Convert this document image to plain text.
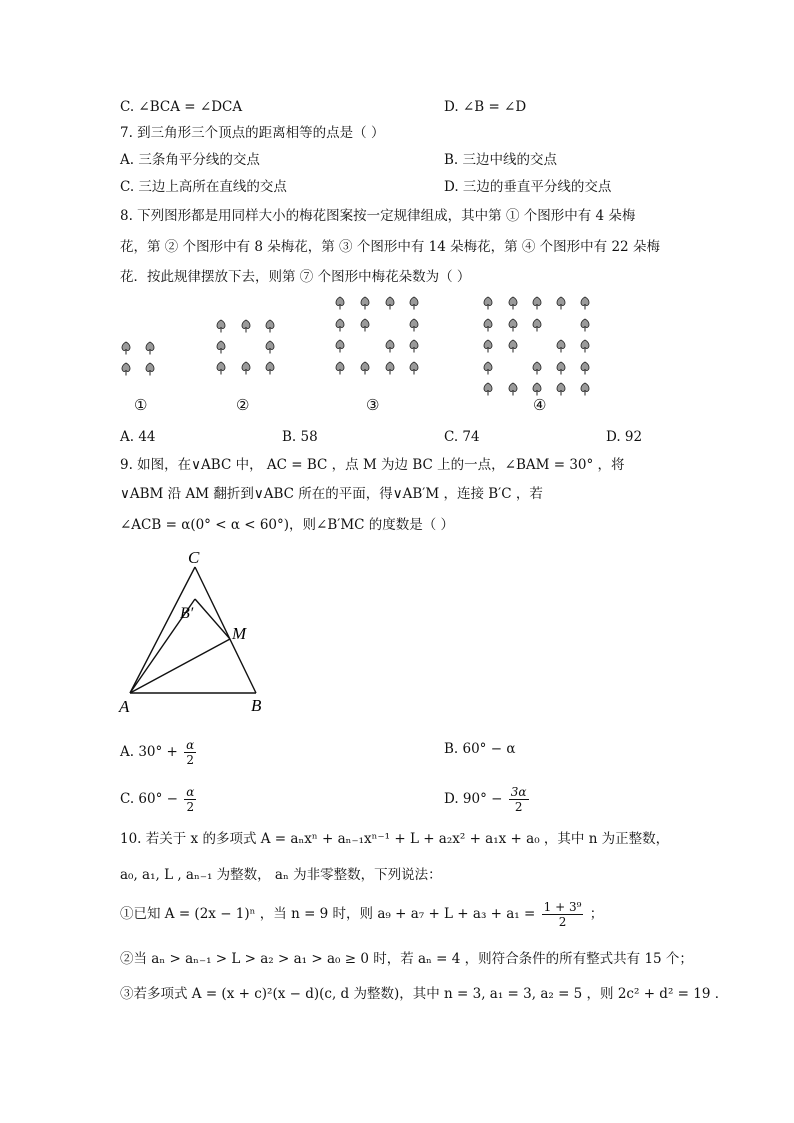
C. ∠BCA = ∠DCA	D. ∠B = ∠D
7. 到三角形三个顶点的距离相等的点是（ ）
A. 三条角平分线的交点	B. 三边中线的交点
C. 三边上高所在直线的交点	D. 三边的垂直平分线的交点
8. 下列图形都是用同样大小的梅花图案按一定规律组成，其中第 ① 个图形中有 4 朵梅
花，第 ② 个图形中有 8 朵梅花，第 ③ 个图形中有 14 朵梅花，第 ④ 个图形中有 22 朵梅
花．按此规律摆放下去，则第 ⑦ 个图形中梅花朵数为（ ）
①	②	③	④
A. 44	B. 58	C. 74	D. 92
9. 如图，在∨ABC 中， AC = BC ，点 M 为边 BC 上的一点，∠BAM = 30° ，将
∨ABM 沿 AM 翻折到∨ABC 所在的平面，得∨AB′M ，连接 B′C ，若
∠ACB = α(0° < α < 60°)，则∠B′MC 的度数是（ ）
C
B′
M
A	B
A. $30^\circ + \frac{\alpha}{2}$	B. 60° − α
C. $60^\circ - \frac{\alpha}{2}$	D. $90^\circ - \frac{3\alpha}{2}$
10. 若关于 x 的多项式 A = aₙxⁿ + aₙ₋₁xⁿ⁻¹ + L + a₂x² + a₁x + a₀ ，其中 n 为正整数，
a₀, a₁, L , aₙ₋₁ 为整数， aₙ 为非零整数，下列说法：
①已知 A = (2x − 1)ⁿ ，当 n = 9 时，则 $a_9 + a_7 + L + a_3 + a_1 = \frac{\text{1 + 3⁹}}{2}$ ；
②当 aₙ > aₙ₋₁ > L > a₂ > a₁ > a₀ ≥ 0 时，若 aₙ = 4 ，则符合条件的所有整式共有 15 个；
③若多项式 A = (x + c)²(x − d)(c, d 为整数)，其中 n = 3, a₁ = 3, a₂ = 5 ，则 2c² + d² = 19 ．
